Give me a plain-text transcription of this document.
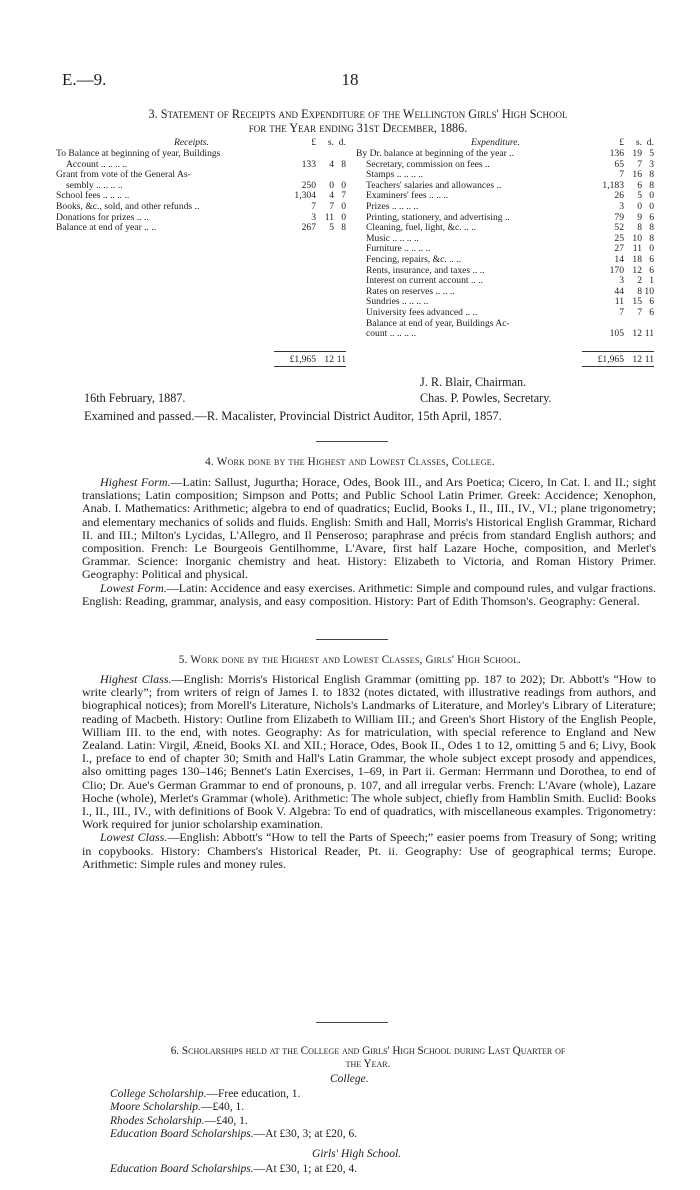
E.—9.	18
3. Statement of Receipts and Expenditure of the Wellington Girls' High School
for the Year ending 31st December, 1886.
Receipts.	£	s. d.
To Balance at beginning of year, Buildings
Account .. .. .. ..	133	4 8
Grant from vote of the General As-
sembly .. .. .. ..	250	0 0
School fees .. .. .. ..	1,304	4 7
Books, &c., sold, and other refunds ..	7	7 0
Donations for prizes .. ..	3 11 0
Balance at end of year .. ..	267	5 8
Expenditure.	£	s. d.
By Dr. balance at beginning of the year ..	136 19 5
Secretary, commission on fees ..	65	7 3
Stamps .. .. .. ..	7 16 8
Teachers' salaries and allowances ..	1,183	6 8
Examiners' fees .. .. ..	26	5 0
Prizes .. .. .. ..	3	0 0
Printing, stationery, and advertising ..	79	9 6
Cleaning, fuel, light, &c. .. ..	52	8 8
Music .. .. .. ..	25 10 8
Furniture .. .. .. ..	27 11 0
Fencing, repairs, &c. .. ..	14 18 6
Rents, insurance, and taxes .. ..	170 12 6
Interest on current account .. ..	3	2 1
Rates on reserves .. .. ..	44	8 10
Sundries .. .. .. ..	11 15 6
University fees advanced .. ..	7	7 6
Balance at end of year, Buildings Ac-
count .. .. .. ..	105 12 11
£1,965 12 11	£1,965 12 11
J. R. Blair, Chairman.
16th February, 1887.	Chas. P. Powles, Secretary.
Examined and passed.—R. Macalister, Provincial District Auditor, 15th April, 1857.
4. Work done by the Highest and Lowest Classes, College.

Highest Form.—Latin: Sallust, Jugurtha; Horace, Odes, Book III., and Ars Poetica; Cicero, In Cat. I. and II.; sight translations; Latin composition; Simpson and Potts; and Public School Latin Primer. Greek: Accidence; Xenophon, Anab. I. Mathematics: Arithmetic; algebra to end of quadratics; Euclid, Books I., II., III., IV., VI.; plane trigonometry; and elementary mechanics of solids and fluids. English: Smith and Hall, Morris's Historical English Grammar, Richard II. and III.; Milton's Lycidas, L'Allegro, and Il Penseroso; paraphrase and précis from standard English authors; and composition. French: Le Bourgeois Gentilhomme, L'Avare, first half Lazare Hoche, composition, and Merlet's Grammar. Science: Inorganic chemistry and heat. History: Elizabeth to Victoria, and Roman History Primer. Geography: Political and physical.

Lowest Form.—Latin: Accidence and easy exercises. Arithmetic: Simple and compound rules, and vulgar fractions. English: Reading, grammar, analysis, and easy composition. History: Part of Edith Thomson's. Geography: General.

5. Work done by the Highest and Lowest Classes, Girls' High School.

Highest Class.—English: Morris's Historical English Grammar (omitting pp. 187 to 202); Dr. Abbott's “How to write clearly”; from writers of reign of James I. to 1832 (notes dictated, with illustrative readings from authors, and biographical notices); from Morell's Literature, Nichols's Landmarks of Literature, and Morley's Library of Literature; reading of Macbeth. History: Outline from Elizabeth to William III.; and Green's Short History of the English People, William III. to the end, with notes. Geography: As for matriculation, with special reference to England and New Zealand. Latin: Virgil, Æneid, Books XI. and XII.; Horace, Odes, Book II., Odes 1 to 12, omitting 5 and 6; Livy, Book I., preface to end of chapter 30; Smith and Hall's Latin Grammar, the whole subject except prosody and appendices, also omitting pages 130–146; Bennet's Latin Exercises, 1–69, in Part ii. German: Herrmann und Dorothea, to end of Clio; Dr. Aue's German Grammar to end of pronouns, p. 107, and all irregular verbs. French: L'Avare (whole), Lazare Hoche (whole), Merlet's Grammar (whole). Arithmetic: The whole subject, chiefly from Hamblin Smith. Euclid: Books I., II., III., IV., with definitions of Book V. Algebra: To end of quadratics, with miscellaneous examples. Trigonometry: Work required for junior scholarship examination.

Lowest Class.—English: Abbott's “How to tell the Parts of Speech;” easier poems from Treasury of Song; writing in copybooks. History: Chambers's Historical Reader, Pt. ii. Geography: Use of geographical terms; Europe. Arithmetic: Simple rules and money rules.

6. Scholarships held at the College and Girls' High School during Last Quarter of
the Year.
College.
College Scholarship.—Free education, 1.
Moore Scholarship.—£40, 1.
Rhodes Scholarship.—£40, 1.
Education Board Scholarships.—At £30, 3; at £20, 6.
Girls' High School.
Education Board Scholarships.—At £30, 1; at £20, 4.
